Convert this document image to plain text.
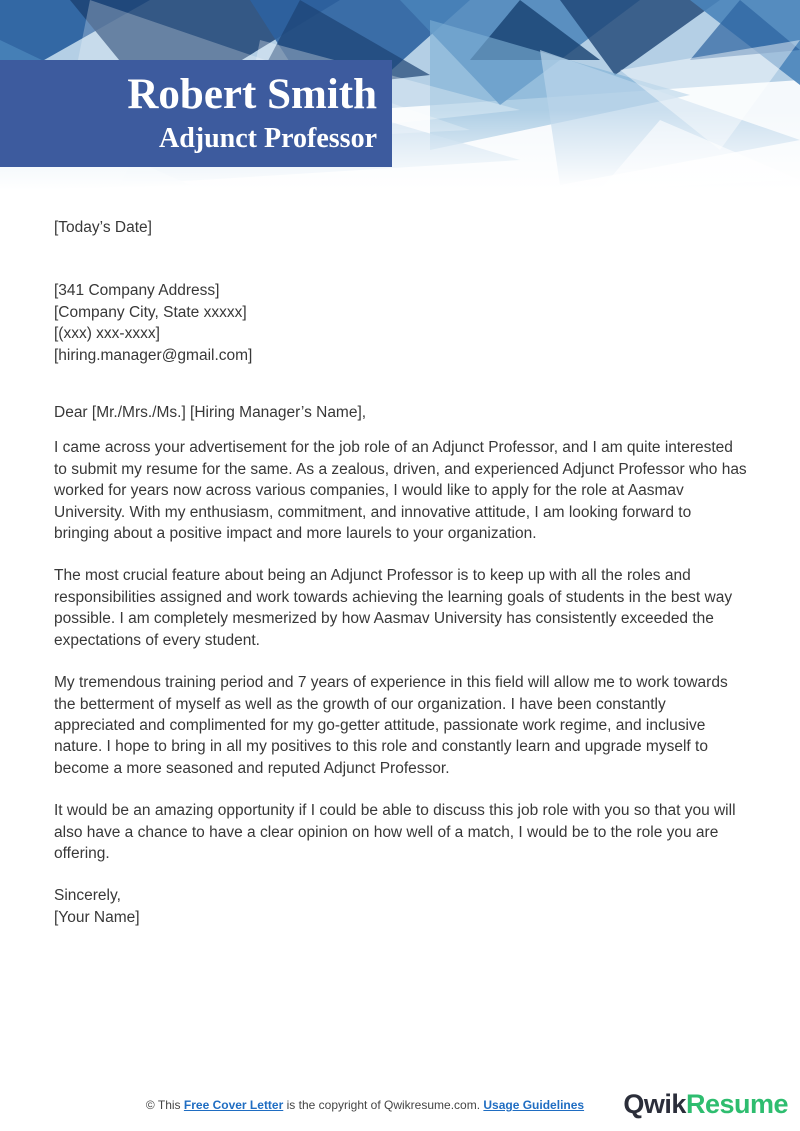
Robert Smith
Adjunct Professor
[Today’s Date]
[341 Company Address]
[Company City, State xxxxx]
[(xxx) xxx-xxxx]
[hiring.manager@gmail.com]
Dear [Mr./Mrs./Ms.] [Hiring Manager’s Name],

I came across your advertisement for the job role of an Adjunct Professor, and I am quite interested to submit my resume for the same. As a zealous, driven, and experienced Adjunct Professor who has worked for years now across various companies, I would like to apply for the role at Aasmav University. With my enthusiasm, commitment, and innovative attitude, I am looking forward to bringing about a positive impact and more laurels to your organization.

The most crucial feature about being an Adjunct Professor is to keep up with all the roles and responsibilities assigned and work towards achieving the learning goals of students in the best way possible. I am completely mesmerized by how Aasmav University has consistently exceeded the expectations of every student.

My tremendous training period and 7 years of experience in this field will allow me to work towards the betterment of myself as well as the growth of our organization. I have been constantly appreciated and complimented for my go-getter attitude, passionate work regime, and inclusive nature. I hope to bring in all my positives to this role and constantly learn and upgrade myself to become a more seasoned and reputed Adjunct Professor.

It would be an amazing opportunity if I could be able to discuss this job role with you so that you will also have a chance to have a clear opinion on how well of a match, I would be to the role you are offering.

Sincerely,
[Your Name]
© This Free Cover Letter is the copyright of Qwikresume.com. Usage Guidelines	QwikResume
